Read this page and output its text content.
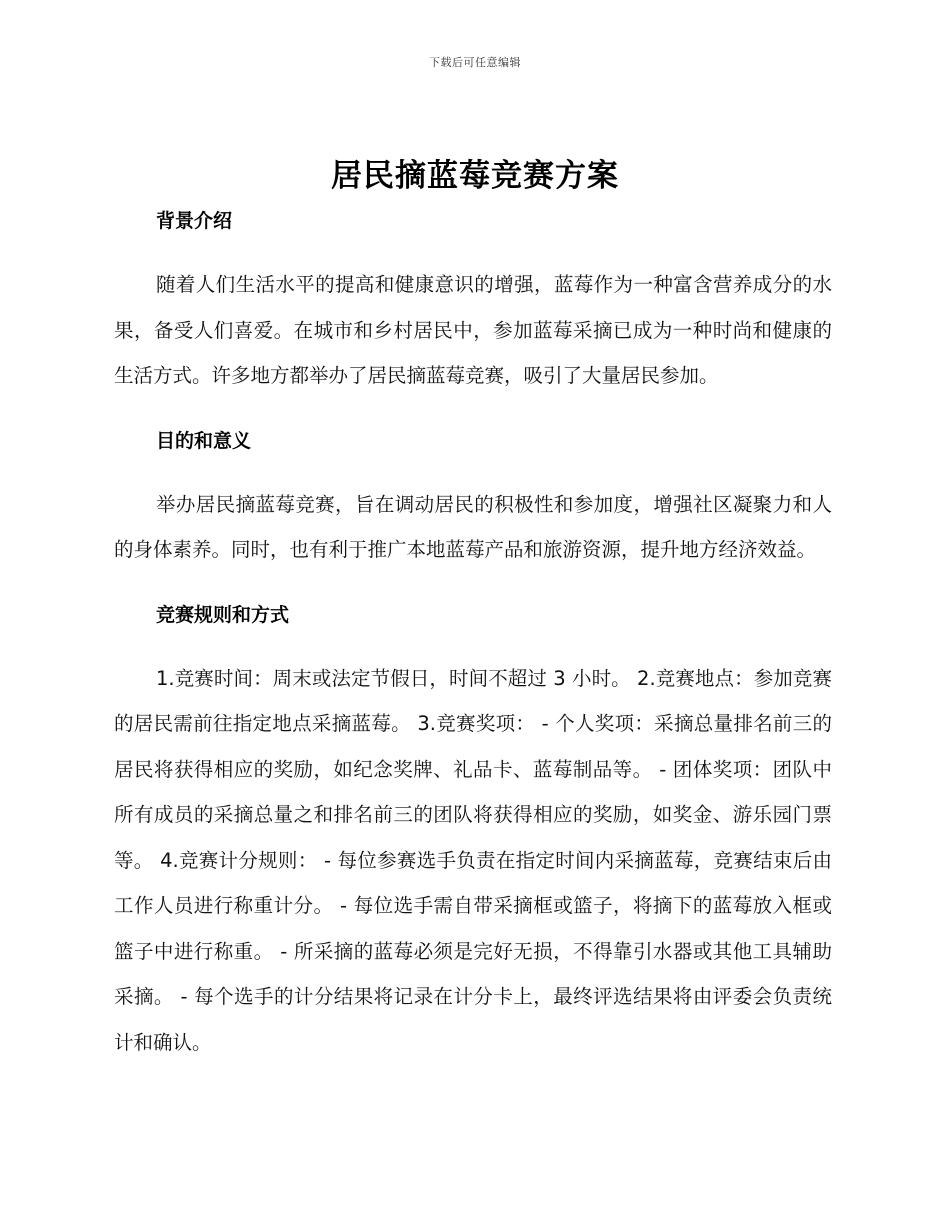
下载后可任意编辑
居民摘蓝莓竞赛方案
背景介绍

随着人们生活水平的提高和健康意识的增强，蓝莓作为一种富含营养成分的水果，备受人们喜爱。在城市和乡村居民中，参加蓝莓采摘已成为一种时尚和健康的生活方式。许多地方都举办了居民摘蓝莓竞赛，吸引了大量居民参加。

目的和意义

举办居民摘蓝莓竞赛，旨在调动居民的积极性和参加度，增强社区凝聚力和人的身体素养。同时，也有利于推广本地蓝莓产品和旅游资源，提升地方经济效益。

竞赛规则和方式

1.竞赛时间：周末或法定节假日，时间不超过 3 小时。 2.竞赛地点：参加竞赛的居民需前往指定地点采摘蓝莓。 3.竞赛奖项： - 个人奖项：采摘总量排名前三的居民将获得相应的奖励，如纪念奖牌、礼品卡、蓝莓制品等。 - 团体奖项：团队中所有成员的采摘总量之和排名前三的团队将获得相应的奖励，如奖金、游乐园门票等。 4.竞赛计分规则： - 每位参赛选手负责在指定时间内采摘蓝莓，竞赛结束后由工作人员进行称重计分。 - 每位选手需自带采摘框或篮子，将摘下的蓝莓放入框或篮子中进行称重。 - 所采摘的蓝莓必须是完好无损，不得靠引水器或其他工具辅助采摘。 - 每个选手的计分结果将记录在计分卡上，最终评选结果将由评委会负责统计和确认。
